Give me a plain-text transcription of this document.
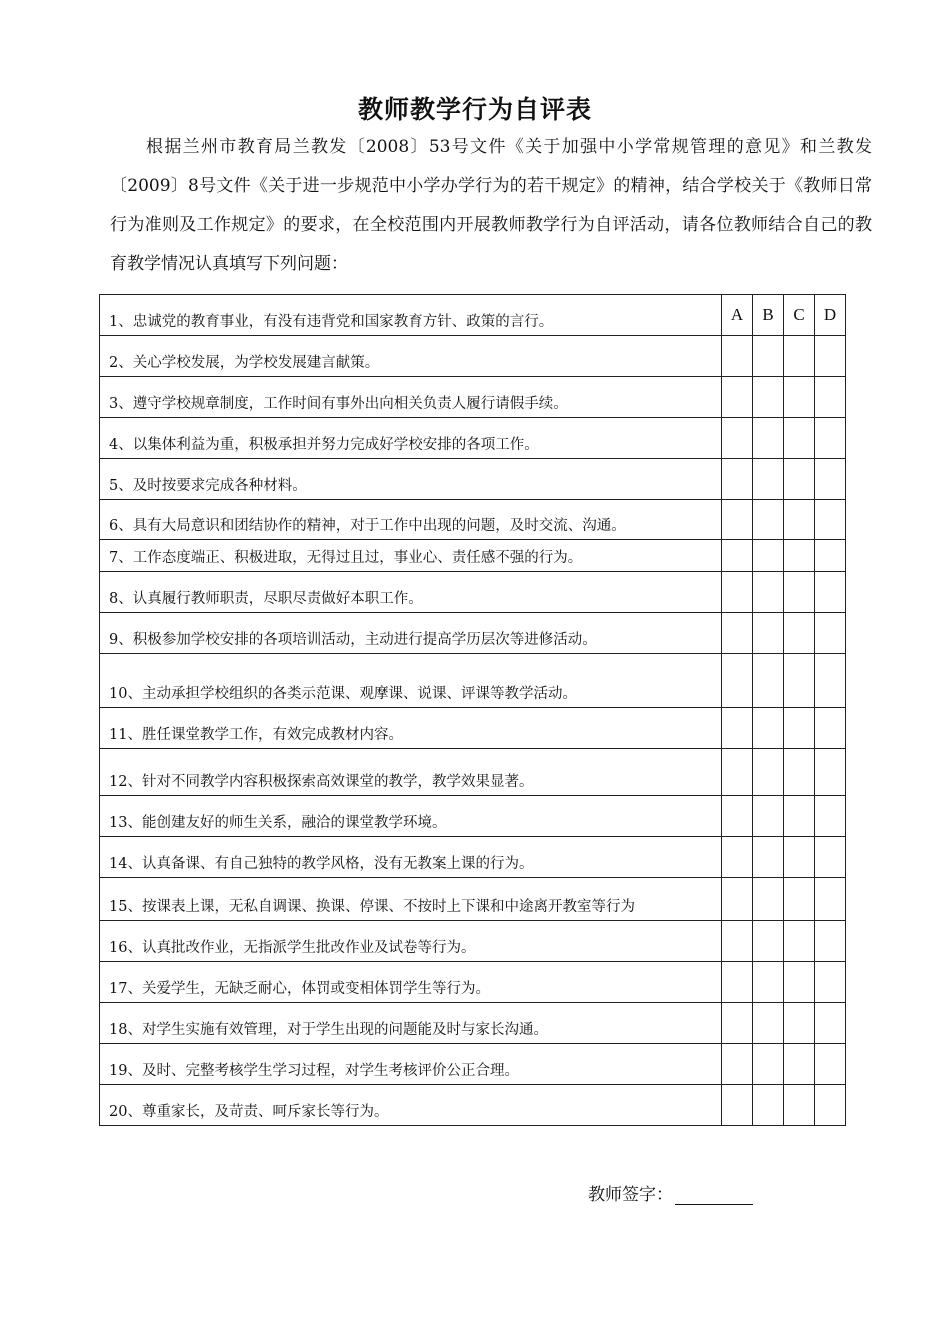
教师教学行为自评表

根据兰州市教育局兰教发〔2008〕53号文件《关于加强中小学常规管理的意见》和兰教发〔2009〕8号文件《关于进一步规范中小学办学行为的若干规定》的精神，结合学校关于《教师日常行为准则及工作规定》的要求，在全校范围内开展教师教学行为自评活动，请各位教师结合自己的教育教学情况认真填写下列问题：

1、忠诚党的教育事业，有没有违背党和国家教育方针、政策的言行。	A	B	C	D

2、关心学校发展，为学校发展建言献策。				

3、遵守学校规章制度，工作时间有事外出向相关负责人履行请假手续。				

4、以集体利益为重，积极承担并努力完成好学校安排的各项工作。				

5、及时按要求完成各种材料。				

6、具有大局意识和团结协作的精神，对于工作中出现的问题，及时交流、沟通。				

7、工作态度端正、积极进取，无得过且过，事业心、责任感不强的行为。				

8、认真履行教师职责，尽职尽责做好本职工作。				

9、积极参加学校安排的各项培训活动，主动进行提高学历层次等进修活动。				

10、主动承担学校组织的各类示范课、观摩课、说课、评课等教学活动。				

11、胜任课堂教学工作，有效完成教材内容。				

12、针对不同教学内容积极探索高效课堂的教学，教学效果显著。				

13、能创建友好的师生关系，融洽的课堂教学环境。				

14、认真备课、有自己独特的教学风格，没有无教案上课的行为。				

15、按课表上课，无私自调课、换课、停课、不按时上下课和中途离开教室等行为				

16、认真批改作业，无指派学生批改作业及试卷等行为。				

17、关爱学生，无缺乏耐心，体罚或变相体罚学生等行为。				

18、对学生实施有效管理，对于学生出现的问题能及时与家长沟通。				

19、及时、完整考核学生学习过程，对学生考核评价公正合理。				

20、尊重家长，及苛责、呵斥家长等行为。				

教师签字：
